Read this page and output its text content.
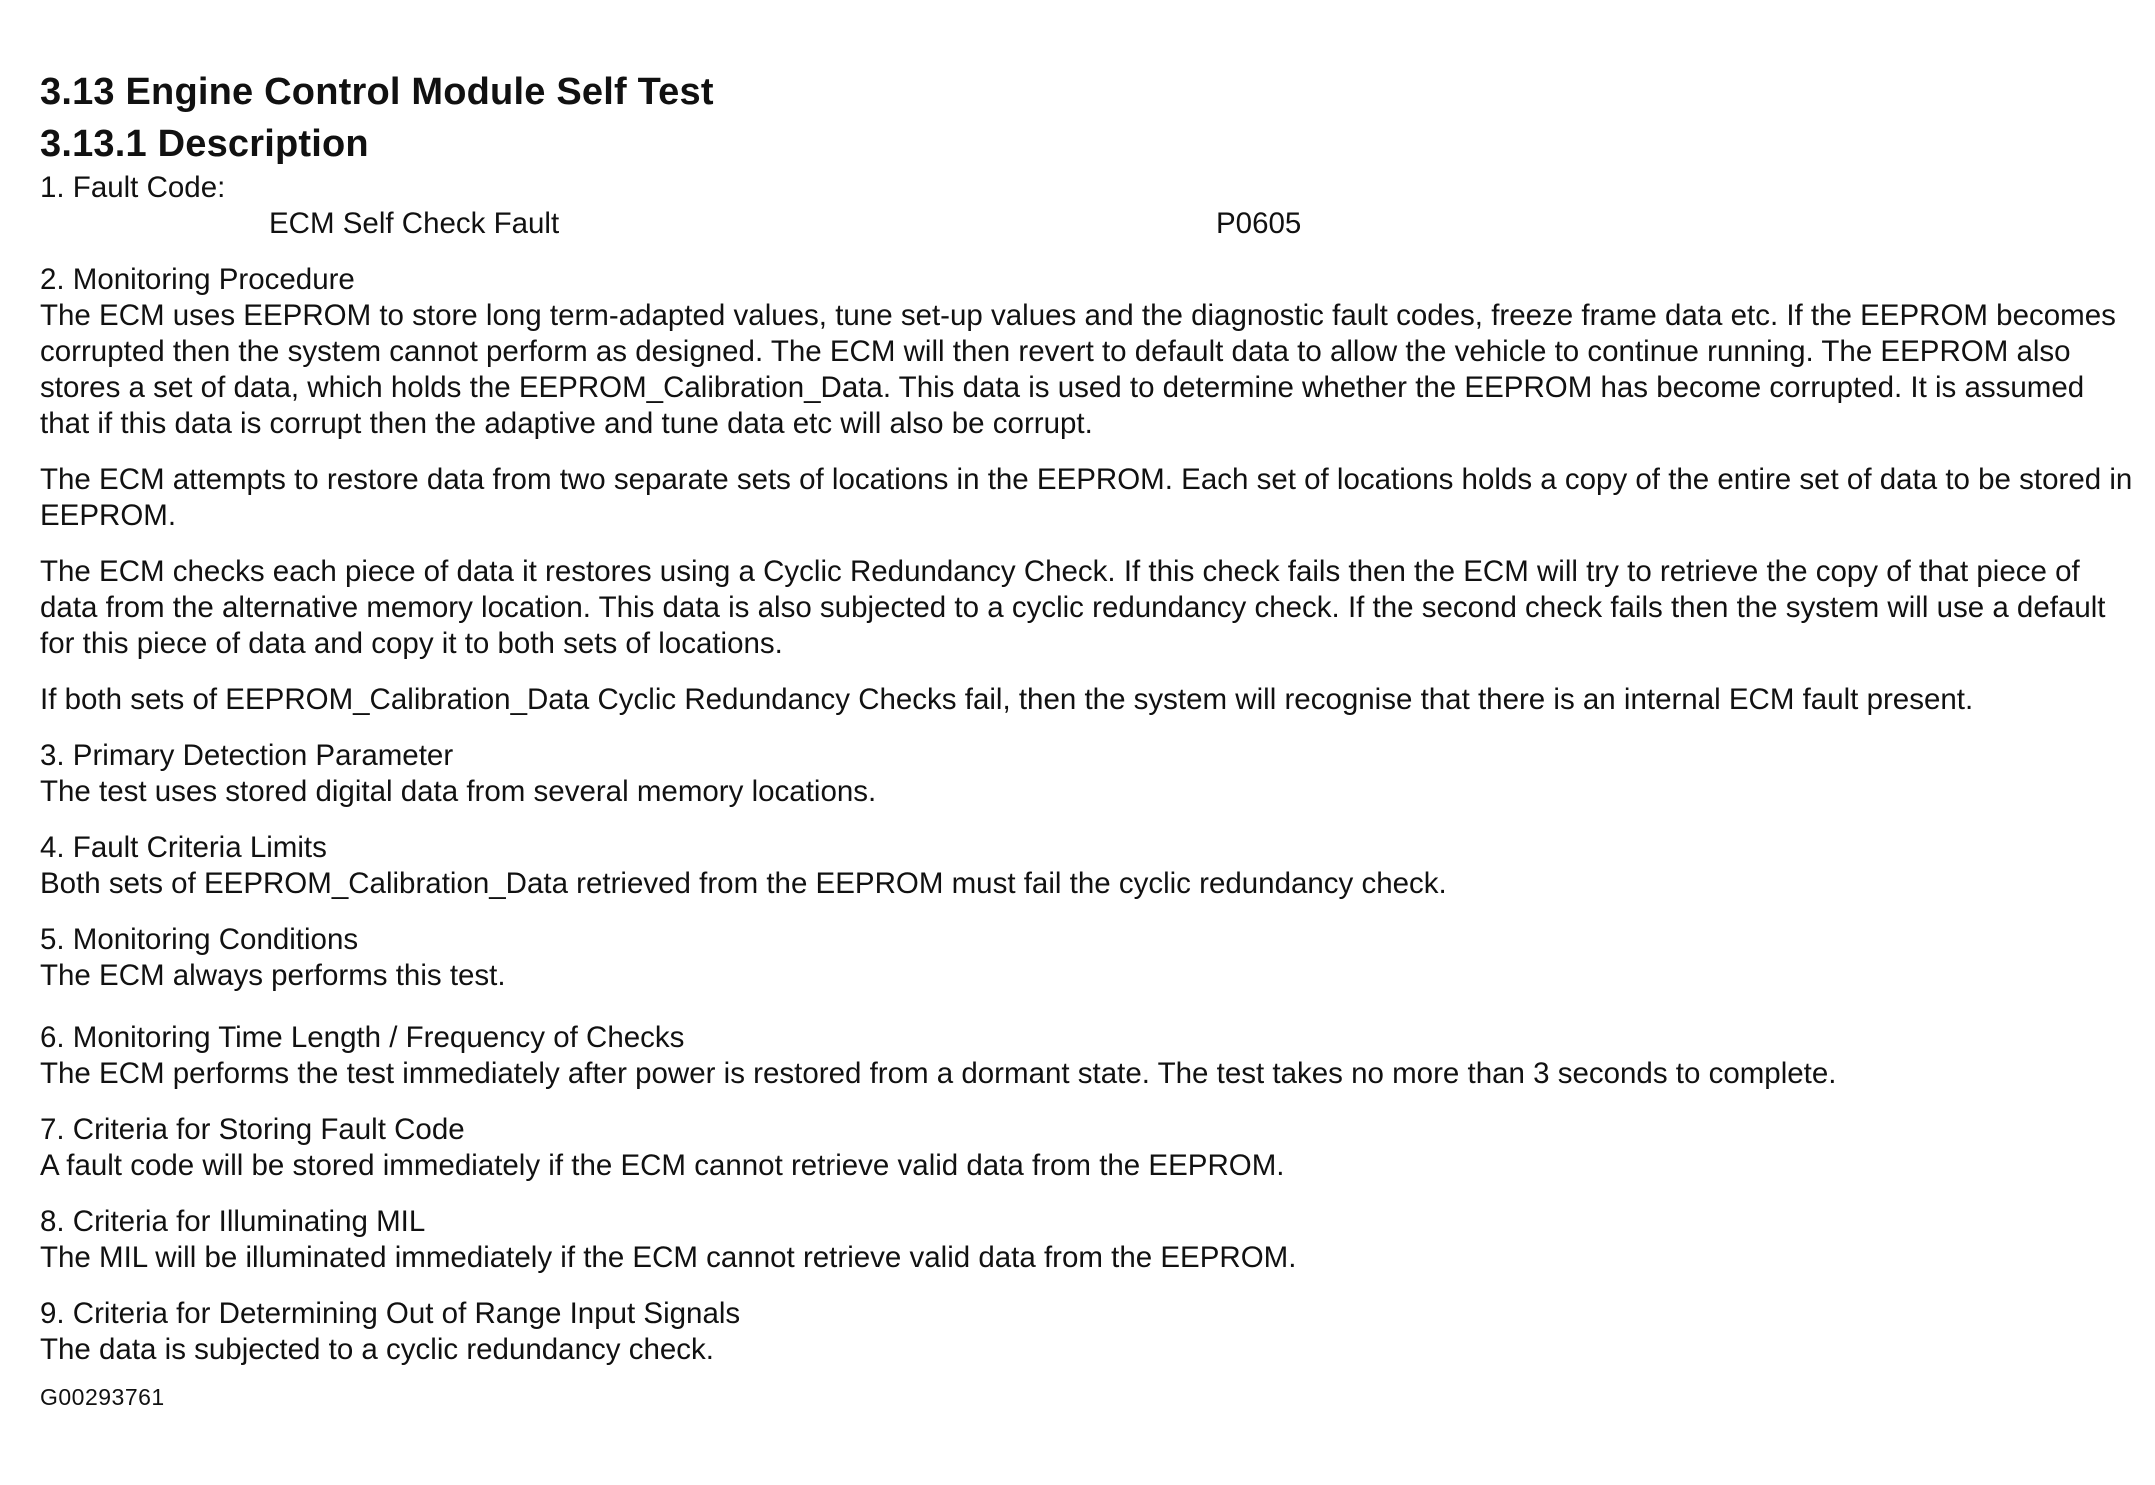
3.13 Engine Control Module Self Test
3.13.1 Description
1. Fault Code:
ECM Self Check Fault	P0605
2. Monitoring Procedure
The ECM uses EEPROM to store long term-adapted values, tune set-up values and the diagnostic fault codes, freeze frame data etc. If the EEPROM becomes corrupted then the system cannot perform as designed. The ECM will then revert to default data to allow the vehicle to continue running. The EEPROM also stores a set of data, which holds the EEPROM_Calibration_Data. This data is used to determine whether the EEPROM has become corrupted. It is assumed that if this data is corrupt then the adaptive and tune data etc will also be corrupt.
The ECM attempts to restore data from two separate sets of locations in the EEPROM. Each set of locations holds a copy of the entire set of data to be stored in EEPROM.
The ECM checks each piece of data it restores using a Cyclic Redundancy Check. If this check fails then the ECM will try to retrieve the copy of that piece of data from the alternative memory location. This data is also subjected to a cyclic redundancy check. If the second check fails then the system will use a default for this piece of data and copy it to both sets of locations.
If both sets of EEPROM_Calibration_Data Cyclic Redundancy Checks fail, then the system will recognise that there is an internal ECM fault present.
3. Primary Detection Parameter
The test uses stored digital data from several memory locations.
4. Fault Criteria Limits
Both sets of EEPROM_Calibration_Data retrieved from the EEPROM must fail the cyclic redundancy check.
5. Monitoring Conditions
The ECM always performs this test.
6. Monitoring Time Length / Frequency of Checks
The ECM performs the test immediately after power is restored from a dormant state. The test takes no more than 3 seconds to complete.
7. Criteria for Storing Fault Code
A fault code will be stored immediately if the ECM cannot retrieve valid data from the EEPROM.
8. Criteria for Illuminating MIL
The MIL will be illuminated immediately if the ECM cannot retrieve valid data from the EEPROM.
9. Criteria for Determining Out of Range Input Signals
The data is subjected to a cyclic redundancy check.
G00293761
